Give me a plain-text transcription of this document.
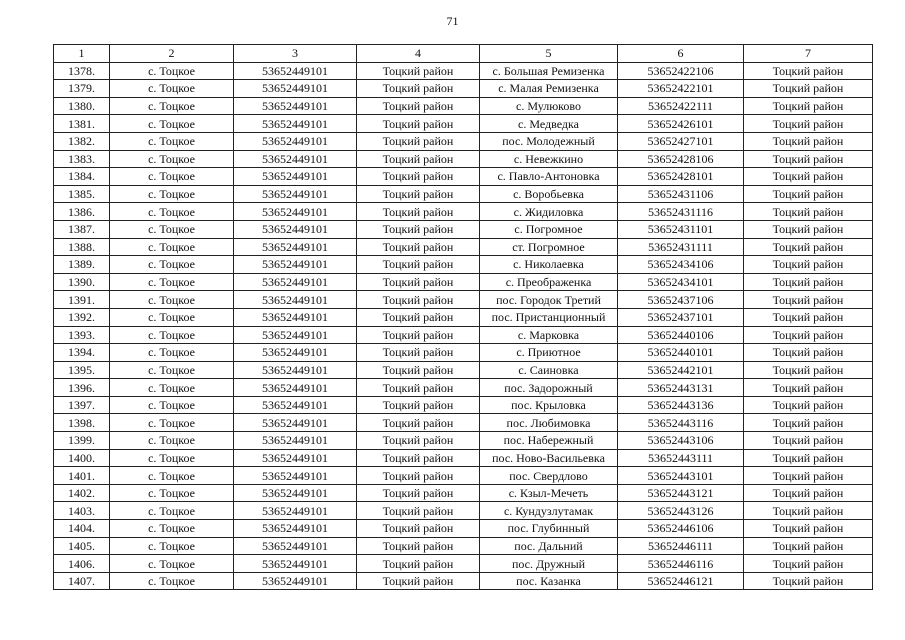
71
1	2	3	4	5	6	7
1378.	с. Тоцкое	53652449101	Тоцкий район	с. Большая Ремизенка	53652422106	Тоцкий район
1379.	с. Тоцкое	53652449101	Тоцкий район	с. Малая Ремизенка	53652422101	Тоцкий район
1380.	с. Тоцкое	53652449101	Тоцкий район	с. Мулюково	53652422111	Тоцкий район
1381.	с. Тоцкое	53652449101	Тоцкий район	с. Медведка	53652426101	Тоцкий район
1382.	с. Тоцкое	53652449101	Тоцкий район	пос. Молодежный	53652427101	Тоцкий район
1383.	с. Тоцкое	53652449101	Тоцкий район	с. Невежкино	53652428106	Тоцкий район
1384.	с. Тоцкое	53652449101	Тоцкий район	с. Павло-Антоновка	53652428101	Тоцкий район
1385.	с. Тоцкое	53652449101	Тоцкий район	с. Воробьевка	53652431106	Тоцкий район
1386.	с. Тоцкое	53652449101	Тоцкий район	с. Жидиловка	53652431116	Тоцкий район
1387.	с. Тоцкое	53652449101	Тоцкий район	с. Погромное	53652431101	Тоцкий район
1388.	с. Тоцкое	53652449101	Тоцкий район	ст. Погромное	53652431111	Тоцкий район
1389.	с. Тоцкое	53652449101	Тоцкий район	с. Николаевка	53652434106	Тоцкий район
1390.	с. Тоцкое	53652449101	Тоцкий район	с. Преображенка	53652434101	Тоцкий район
1391.	с. Тоцкое	53652449101	Тоцкий район	пос. Городок Третий	53652437106	Тоцкий район
1392.	с. Тоцкое	53652449101	Тоцкий район	пос. Пристанционный	53652437101	Тоцкий район
1393.	с. Тоцкое	53652449101	Тоцкий район	с. Марковка	53652440106	Тоцкий район
1394.	с. Тоцкое	53652449101	Тоцкий район	с. Приютное	53652440101	Тоцкий район
1395.	с. Тоцкое	53652449101	Тоцкий район	с. Саиновка	53652442101	Тоцкий район
1396.	с. Тоцкое	53652449101	Тоцкий район	пос. Задорожный	53652443131	Тоцкий район
1397.	с. Тоцкое	53652449101	Тоцкий район	пос. Крыловка	53652443136	Тоцкий район
1398.	с. Тоцкое	53652449101	Тоцкий район	пос. Любимовка	53652443116	Тоцкий район
1399.	с. Тоцкое	53652449101	Тоцкий район	пос. Набережный	53652443106	Тоцкий район
1400.	с. Тоцкое	53652449101	Тоцкий район	пос. Ново-Васильевка	53652443111	Тоцкий район
1401.	с. Тоцкое	53652449101	Тоцкий район	пос. Свердлово	53652443101	Тоцкий район
1402.	с. Тоцкое	53652449101	Тоцкий район	с. Кзыл-Мечеть	53652443121	Тоцкий район
1403.	с. Тоцкое	53652449101	Тоцкий район	с. Кундузлутамак	53652443126	Тоцкий район
1404.	с. Тоцкое	53652449101	Тоцкий район	пос. Глубинный	53652446106	Тоцкий район
1405.	с. Тоцкое	53652449101	Тоцкий район	пос. Дальний	53652446111	Тоцкий район
1406.	с. Тоцкое	53652449101	Тоцкий район	пос. Дружный	53652446116	Тоцкий район
1407.	с. Тоцкое	53652449101	Тоцкий район	пос. Казанка	53652446121	Тоцкий район
